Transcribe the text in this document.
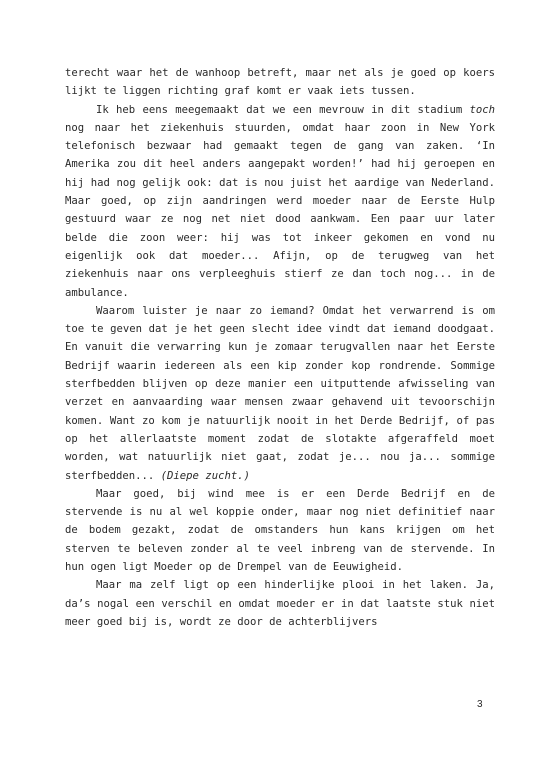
terecht waar het de wanhoop betreft, maar net als je goed op koers lijkt te liggen richting graf komt er vaak iets tussen.

Ik heb eens meegemaakt dat we een mevrouw in dit stadium toch nog naar het ziekenhuis stuurden, omdat haar zoon in New York telefonisch bezwaar had gemaakt tegen de gang van zaken. ‘In Amerika zou dit heel anders aangepakt worden!’ had hij geroepen en hij had nog gelijk ook: dat is nou juist het aardige van Nederland. Maar goed, op zijn aandringen werd moeder naar de Eerste Hulp gestuurd waar ze nog net niet dood aankwam. Een paar uur later belde die zoon weer: hij was tot inkeer gekomen en vond nu eigenlijk ook dat moeder... Afijn, op de terugweg van het ziekenhuis naar ons verpleeghuis stierf ze dan toch nog... in de ambulance.

Waarom luister je naar zo iemand? Omdat het verwarrend is om toe te geven dat je het geen slecht idee vindt dat iemand doodgaat. En vanuit die verwarring kun je zomaar terugvallen naar het Eerste Bedrijf waarin iedereen als een kip zonder kop rondrende. Sommige sterfbedden blijven op deze manier een uitputtende afwisseling van verzet en aanvaarding waar mensen zwaar gehavend uit tevoorschijn komen. Want zo kom je natuurlijk nooit in het Derde Bedrijf, of pas op het allerlaatste moment zodat de slotakte afgeraffeld moet worden, wat natuurlijk niet gaat, zodat je... nou ja... sommige sterfbedden... (Diepe zucht.)

Maar goed, bij wind mee is er een Derde Bedrijf en de stervende is nu al wel koppie onder, maar nog niet definitief naar de bodem gezakt, zodat de omstanders hun kans krijgen om het sterven te beleven zonder al te veel inbreng van de stervende. In hun ogen ligt Moeder op de Drempel van de Eeuwigheid.

Maar ma zelf ligt op een hinderlijke plooi in het laken. Ja, da’s nogal een verschil en omdat moeder er in dat laatste stuk niet meer goed bij is, wordt ze door de achterblijvers

3
